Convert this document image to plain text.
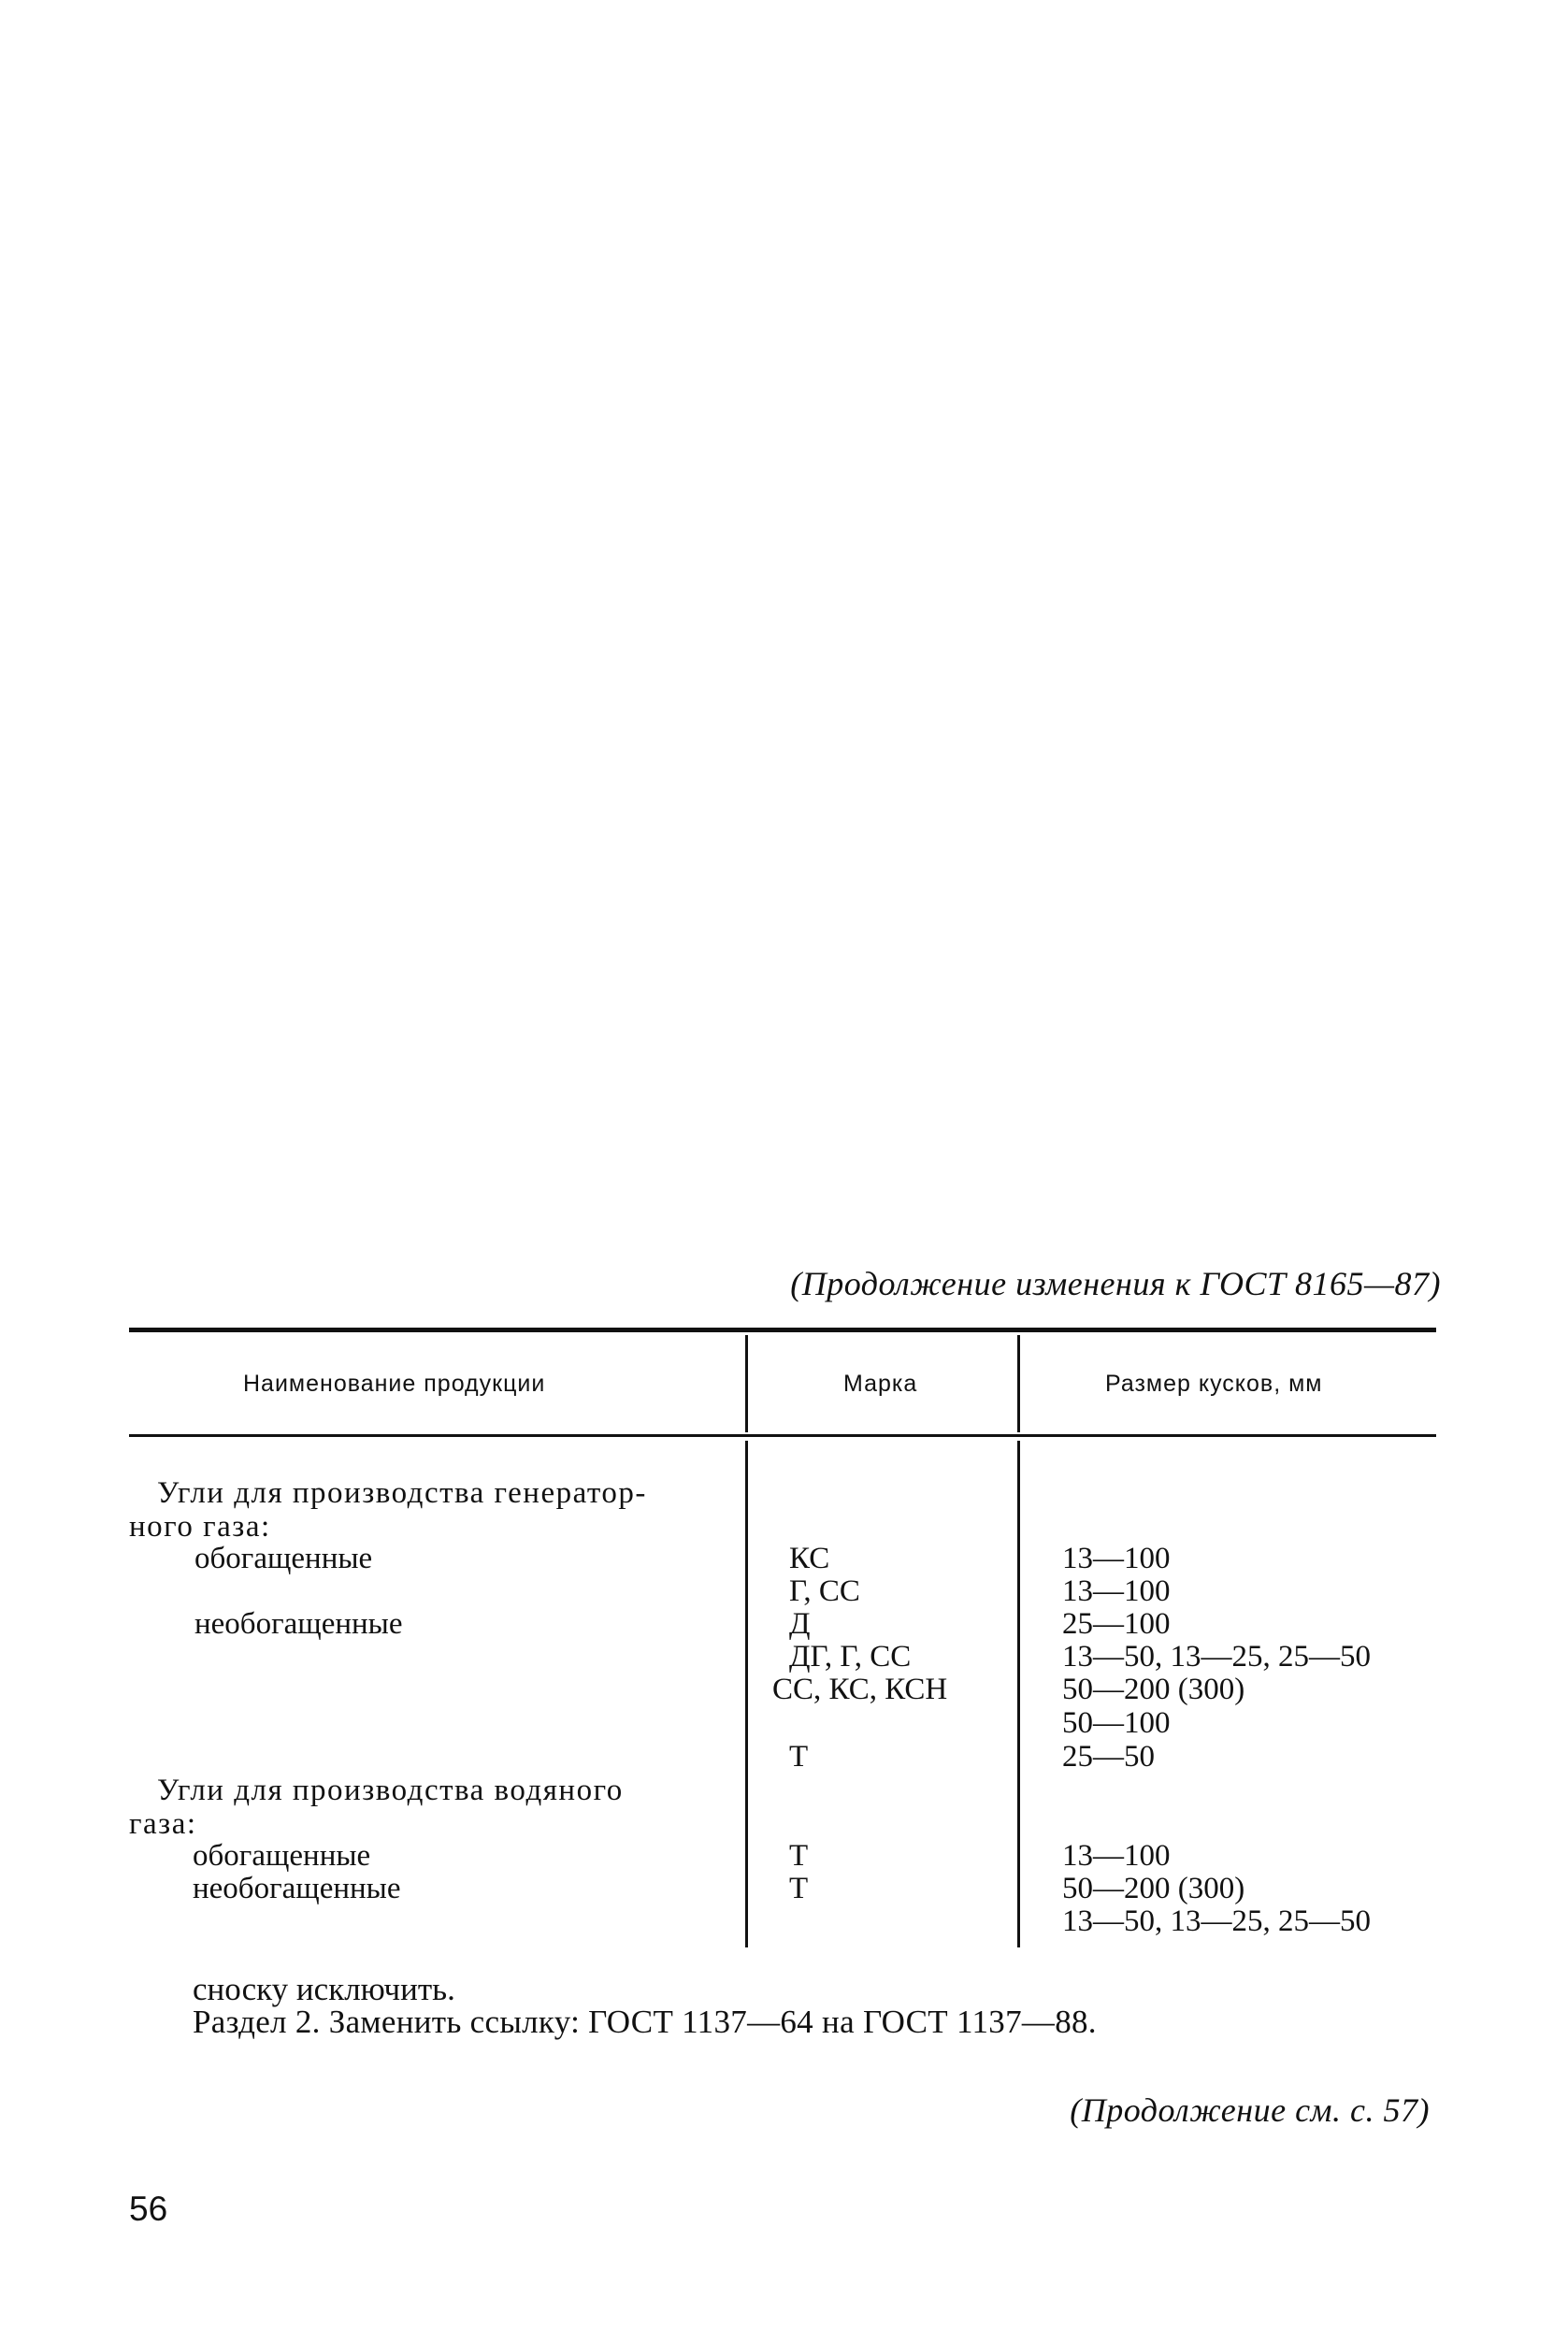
(Продолжение изменения к ГОСТ 8165—87)
Наименование продукции	Марка	Размер кусков, мм
Угли для производства генератор-
ного газа:
обогащенные
необогащенные
Угли для производства водяного
газа:
обогащенные
необогащенные
КС
Г, СС
Д
ДГ, Г, СС
СС, КС, КСН
Т
Т
Т
13—100
13—100
25—100
13—50, 13—25, 25—50
50—200 (300)
50—100
25—50
13—100
50—200 (300)
13—50, 13—25, 25—50
сноску исключить.
Раздел 2. Заменить ссылку: ГОСТ 1137—64 на ГОСТ 1137—88.
(Продолжение см. с. 57)
56
